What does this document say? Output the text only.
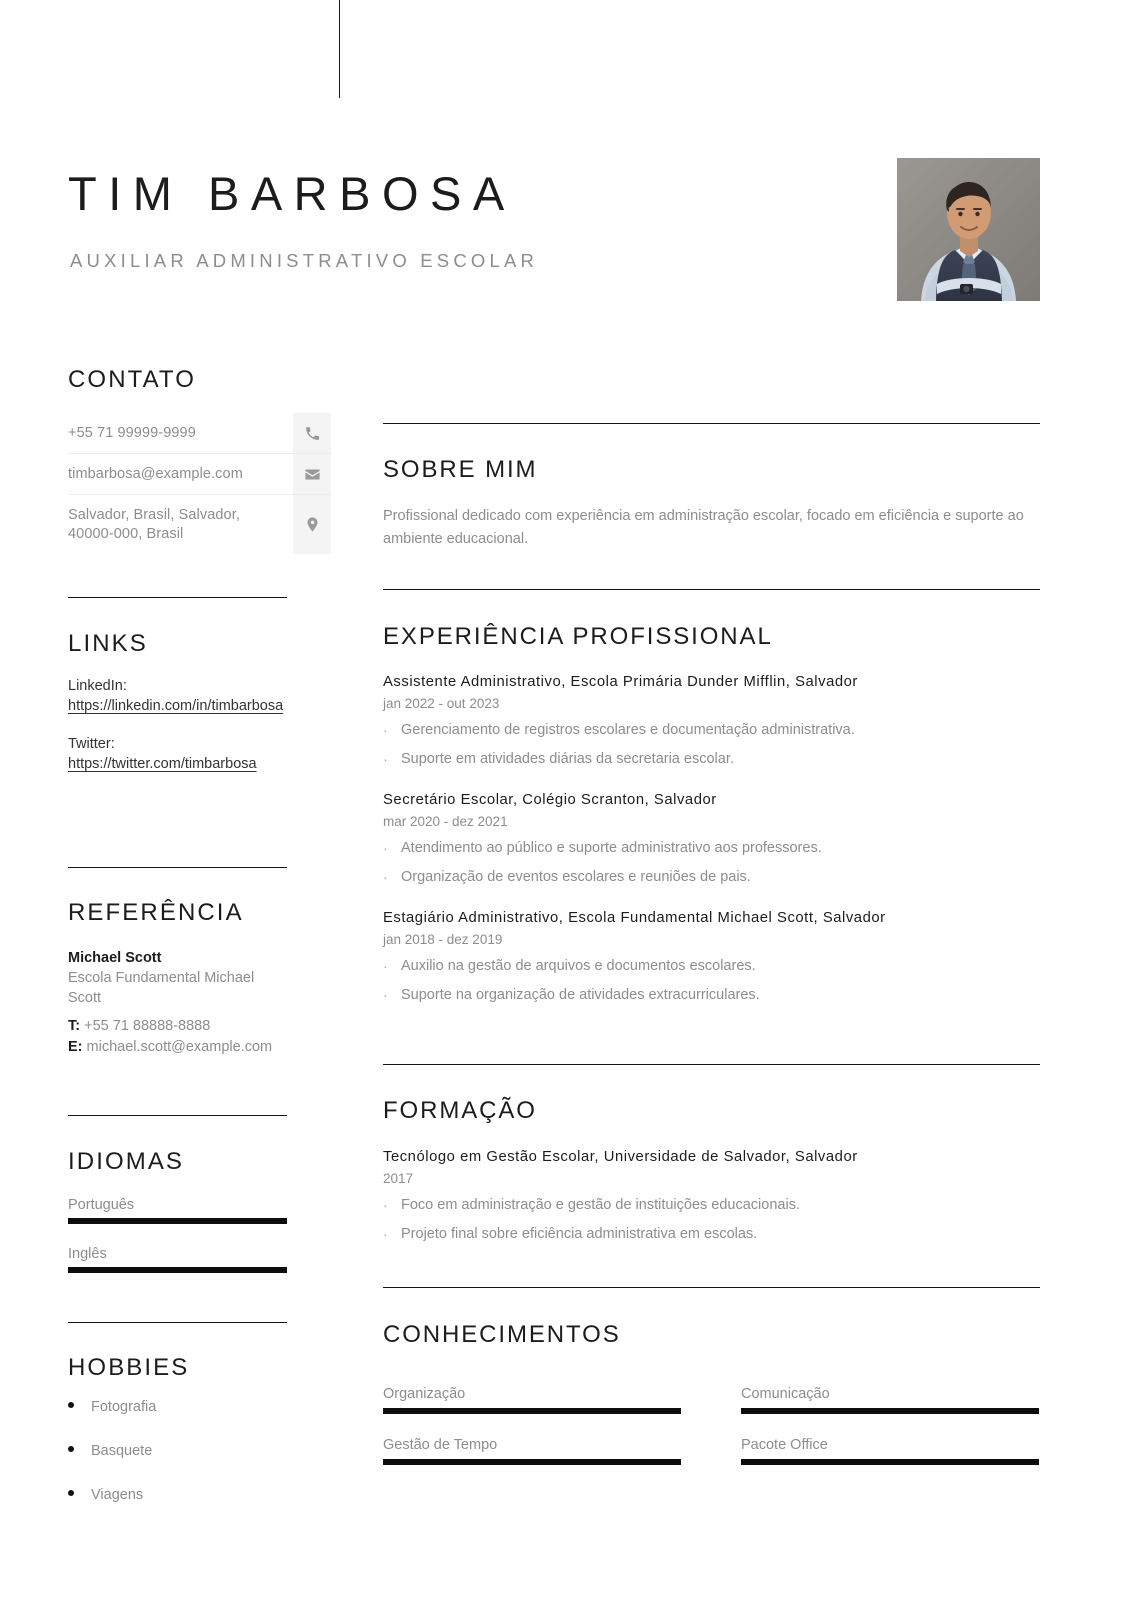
TIM BARBOSA
AUXILIAR ADMINISTRATIVO ESCOLAR
CONTATO
+55 71 99999-9999
timbarbosa@example.com
Salvador, Brasil, Salvador, 40000-000, Brasil
LINKS
LinkedIn:
https://linkedin.com/in/timbarbosa
Twitter:
https://twitter.com/timbarbosa
REFERÊNCIA
Michael Scott
Escola Fundamental Michael Scott
T: +55 71 88888-8888
E: michael.scott@example.com
IDIOMAS
Português
Inglês
HOBBIES
Fotografia
Basquete
Viagens
SOBRE MIM
Profissional dedicado com experiência em administração escolar, focado em eficiência e suporte ao ambiente educacional.
EXPERIÊNCIA PROFISSIONAL
Assistente Administrativo, Escola Primária Dunder Mifflin, Salvador
jan 2022 - out 2023
· Gerenciamento de registros escolares e documentação administrativa.
· Suporte em atividades diárias da secretaria escolar.
Secretário Escolar, Colégio Scranton, Salvador
mar 2020 - dez 2021
· Atendimento ao público e suporte administrativo aos professores.
· Organização de eventos escolares e reuniões de pais.
Estagiário Administrativo, Escola Fundamental Michael Scott, Salvador
jan 2018 - dez 2019
· Auxilio na gestão de arquivos e documentos escolares.
· Suporte na organização de atividades extracurriculares.
FORMAÇÃO
Tecnólogo em Gestão Escolar, Universidade de Salvador, Salvador
2017
· Foco em administração e gestão de instituições educacionais.
· Projeto final sobre eficiência administrativa em escolas.
CONHECIMENTOS
Organização	Comunicação
Gestão de Tempo	Pacote Office
